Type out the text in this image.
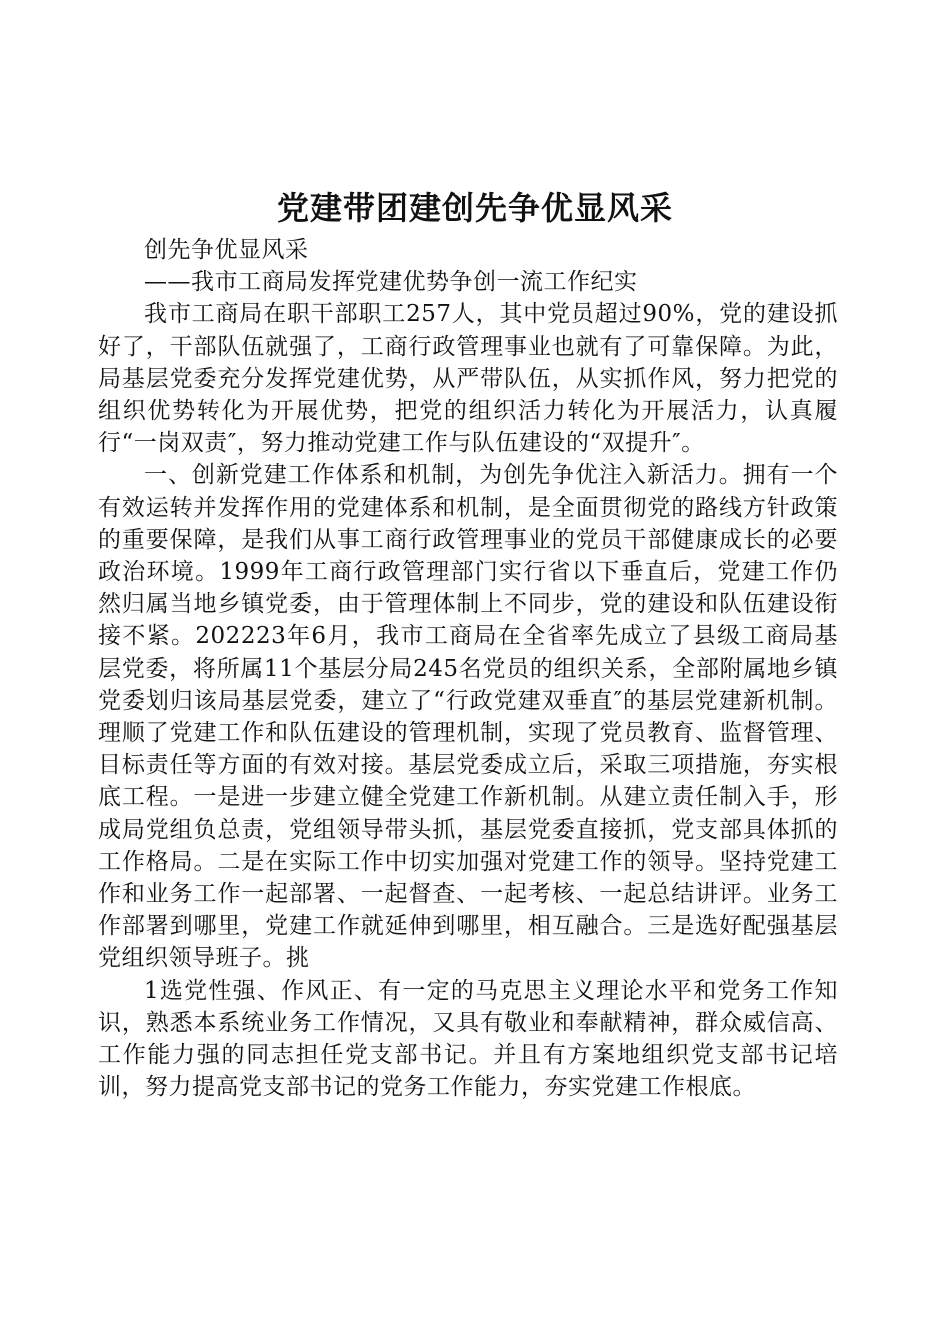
党建带团建创先争优显风采

创先争优显风采

——我市工商局发挥党建优势争创一流工作纪实

我市工商局在职干部职工257人，其中党员超过90%，党的建设抓好了，干部队伍就强了，工商行政管理事业也就有了可靠保障。为此，局基层党委充分发挥党建优势，从严带队伍，从实抓作风，努力把党的组织优势转化为开展优势，把党的组织活力转化为开展活力，认真履行“一岗双责″，努力推动党建工作与队伍建设的“双提升″。

一、创新党建工作体系和机制，为创先争优注入新活力。拥有一个有效运转并发挥作用的党建体系和机制，是全面贯彻党的路线方针政策的重要保障，是我们从事工商行政管理事业的党员干部健康成长的必要政治环境。1999年工商行政管理部门实行省以下垂直后，党建工作仍然归属当地乡镇党委，由于管理体制上不同步，党的建设和队伍建设衔接不紧。202223年6月，我市工商局在全省率先成立了县级工商局基层党委，将所属11个基层分局245名党员的组织关系，全部附属地乡镇党委划归该局基层党委，建立了“行政党建双垂直″的基层党建新机制。理顺了党建工作和队伍建设的管理机制，实现了党员教育、监督管理、目标责任等方面的有效对接。基层党委成立后，采取三项措施，夯实根底工程。一是进一步建立健全党建工作新机制。从建立责任制入手，形成局党组负总责，党组领导带头抓，基层党委直接抓，党支部具体抓的工作格局。二是在实际工作中切实加强对党建工作的领导。坚持党建工作和业务工作一起部署、一起督查、一起考核、一起总结讲评。业务工作部署到哪里，党建工作就延伸到哪里，相互融合。三是选好配强基层党组织领导班子。挑

1选党性强、作风正、有一定的马克思主义理论水平和党务工作知识，熟悉本系统业务工作情况，又具有敬业和奉献精神，群众威信高、工作能力强的同志担任党支部书记。并且有方案地组织党支部书记培训，努力提高党支部书记的党务工作能力，夯实党建工作根底。
